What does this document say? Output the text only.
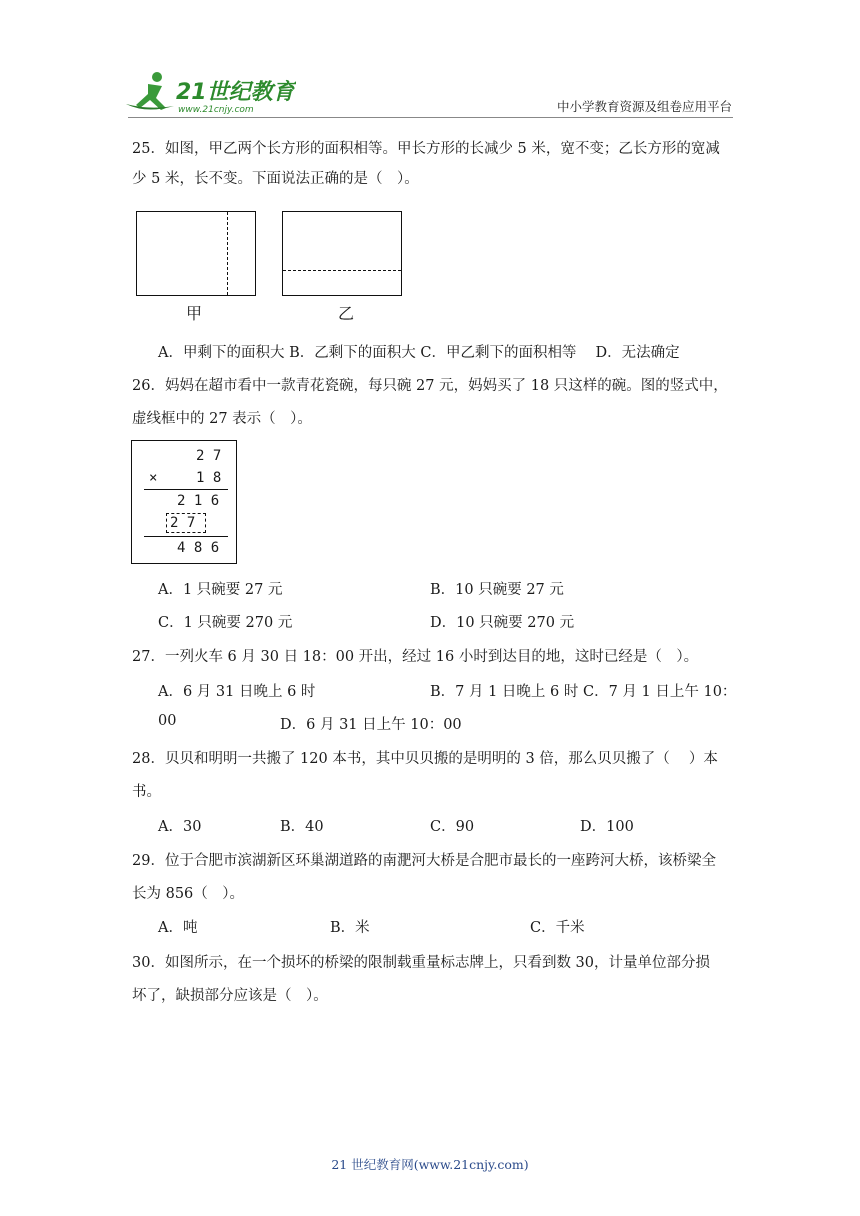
21世纪教育
www.21cnjy.com	中小学教育资源及组卷应用平台
25．如图，甲乙两个长方形的面积相等。甲长方形的长减少 5 米，宽不变；乙长方形的宽减
少 5 米，长不变。下面说法正确的是（　）。
甲	乙
A．甲剩下的面积大 B．乙剩下的面积大 C．甲乙剩下的面积相等　 D．无法确定
26．妈妈在超市看中一款青花瓷碗，每只碗 27 元，妈妈买了 18 只这样的碗。图的竖式中，
虚线框中的 27 表示（　）。
2 7
×	1 8
2 1 6
2 7
4 8 6
A．1 只碗要 27 元	B．10 只碗要 27 元
C．1 只碗要 270 元	D．10 只碗要 270 元
27．一列火车 6 月 30 日 18：00 开出，经过 16 小时到达目的地，这时已经是（　）。
A．6 月 31 日晚上 6 时	B．7 月 1 日晚上 6 时 C．7 月 1 日上午 10：
00	D．6 月 31 日上午 10：00
28．贝贝和明明一共搬了 120 本书，其中贝贝搬的是明明的 3 倍，那么贝贝搬了（　 ）本
书。
A．30	B．40	C．90	D．100
29．位于合肥市滨湖新区环巢湖道路的南淝河大桥是合肥市最长的一座跨河大桥，该桥梁全
长为 856（　）。
A．吨	B．米	C．千米
30．如图所示，在一个损坏的桥梁的限制载重量标志牌上，只看到数 30，计量单位部分损
坏了，缺损部分应该是（　）。
21 世纪教育网(www.21cnjy.com)
